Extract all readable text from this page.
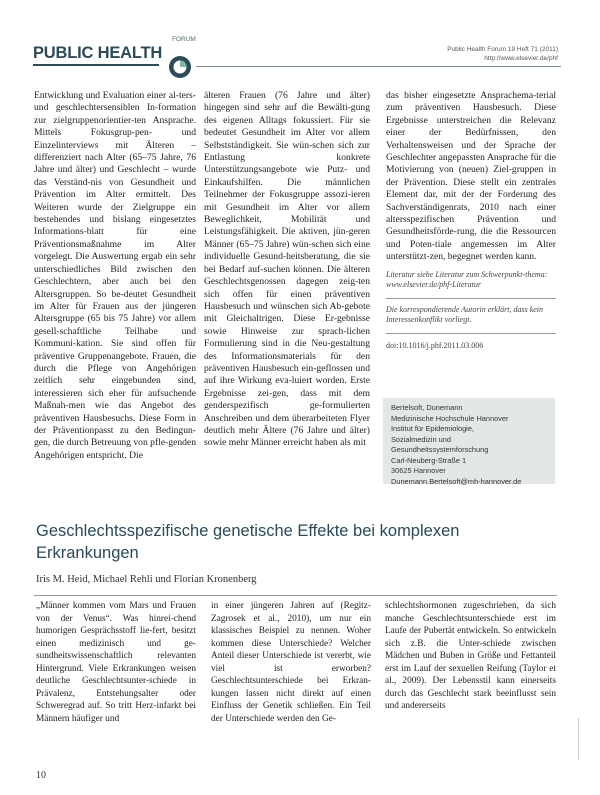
PUBLIC HEALTH
FORUM
Public Health Forum 19 Heft 71 (2011)
http://www.elsevier.de/phf

Entwicklung und Evaluation einer al-ters- und geschlechtersensiblen In-formation zur zielgruppenorientier-ten Ansprache. Mittels Fokusgrup-pen- und Einzelinterviews mit Älteren – differenziert nach Alter (65–75 Jahre, 76 Jahre und älter) und Geschlecht – wurde das Verständ-nis von Gesundheit und Prävention im Alter ermittelt. Des Weiteren wurde der Zielgruppe ein bestehendes und bislang eingesetztes Informations-blatt für eine Präventionsmaßnahme im Alter vorgelegt. Die Auswertung ergab ein sehr unterschiedliches Bild zwischen den Geschlechtern, aber auch bei den Altersgruppen. So be-deutet Gesundheit im Alter für Frauen aus der jüngeren Altersgruppe (65 bis 75 Jahre) vor allem gesell-schaftliche Teilhabe und Kommuni-kation. Sie sind offen für präventive Gruppenangebote. Frauen, die durch die Pflege von Angehörigen zeitlich sehr eingebunden sind, interessieren sich eher für aufsuchende Maßnah-men wie das Angebot des präventiven Hausbesuchs. Diese Form in der Präventionpasst zu den Bedingun-gen, die durch Betreuung von pfle-genden Angehörigen entspricht. Die

älteren Frauen (76 Jahre und älter) hingegen sind sehr auf die Bewälti-gung des eigenen Alltags fokussiert. Für sie bedeutet Gesundheit im Alter vor allem Selbstständigkeit. Sie wün-schen sich zur Entlastung konkrete Unterstützungsangebote wie Putz- und Einkaufshilfen. Die männlichen Teilnehmer der Fokusgruppe assozi-ieren mit Gesundheit im Alter vor allem Beweglichkeit, Mobilität und Leistungsfähigkeit. Die aktiven, jün-geren Männer (65–75 Jahre) wün-schen sich eine individuelle Gesund-heitsberatung, die sie bei Bedarf auf-suchen können. Die älteren Geschlechtsgenossen dagegen zeig-ten sich offen für einen präventiven Hausbesuch und wünschen sich Ab-gebote mit Gleichaltrigen. Diese Er-gebnisse sowie Hinweise zur sprach-lichen Formulierung sind in die Neu-gestaltung des Informationsmaterials für den präventiven Hausbesuch ein-geflossen und auf ihre Wirkung eva-luiert worden. Erste Ergebnisse zei-gen, dass mit dem genderspezifisch ge-formulierten Anschreiben und dem überarbeiteten Flyer deutlich mehr Ältere (76 Jahre und älter) sowie mehr Männer erreicht haben als mit

das bisher eingesetzte Ansprachema-terial zum präventiven Hausbesuch. Diese Ergebnisse unterstreichen die Relevanz einer der Bedürfnissen, den Verhaltensweisen und der Sprache der Geschlechter angepassten Ansprache für die Motivierung von (neuen) Ziel-gruppen in der Prävention. Diese stellt ein zentrales Element dar, mit der der Forderung des Sachverständigenrats, 2010 nach einer altersspezifischen Prävention und Gesundheitsförde-rung, die die Ressourcen und Poten-tiale angemessen im Alter unterstützt-zen, begegnet werden kann.

Literatur siehe Literatur zum Schwerpunkt-thema: www.elsevier.de/phf-Literatur
Die korrespondierende Autorin erklärt, dass kein Interessenkonflikt vorliegt.
doi:10.1016/j.phf.2011.03.006
Bertelsoft, Dunemann
Medizinische Hochschule Hannover
Institut für Epidemiologie,
Sozialmedizin und
Gesundheitssystemforschung
Carl-Neuberg-Straße 1
30625 Hannover
Dunemann.Bertelsoft@mh-hannover.de
Geschlechtsspezifische genetische Effekte bei komplexen Erkrankungen
Iris M. Heid, Michael Rehli und Florian Kronenberg

„Männer kommen vom Mars und Frauen von der Venus“. Was hinrei-chend humorigen Gesprächsstoff lie-fert, besitzt einen medizinisch und ge-sundheitswissenschaftlich relevanten Hintergrund. Viele Erkrankungen weisen deutliche Geschlechtsunter-schiede in Prävalenz, Entstehungsalter oder Schweregrad auf. So tritt Herz-infarkt bei Männern häufiger und

in einer jüngeren Jahren auf (Regitz-Zagrosek et al., 2010), um nur ein klassisches Beispiel zu nennen. Woher kommen diese Unterschiede? Welcher Anteil dieser Unterschiede ist vererbt, wie viel ist erworben? Geschlechtsunterschiede bei Erkran-kungen lassen nicht direkt auf einen Einfluss der Genetik schließen. Ein Teil der Unterschiede werden den Ge-

schlechtshormonen zugeschrieben, da sich manche Geschlechtsunterschiede erst im Laufe der Pubertät entwickeln. So entwickeln sich z.B. die Unter-schiede zwischen Mädchen und Buben in Größe und Fettanteil erst im Lauf der sexuellen Reifung (Taylor et al., 2009). Der Lebensstil kann einerseits durch das Geschlecht stark beeinflusst sein und andererseits

10
